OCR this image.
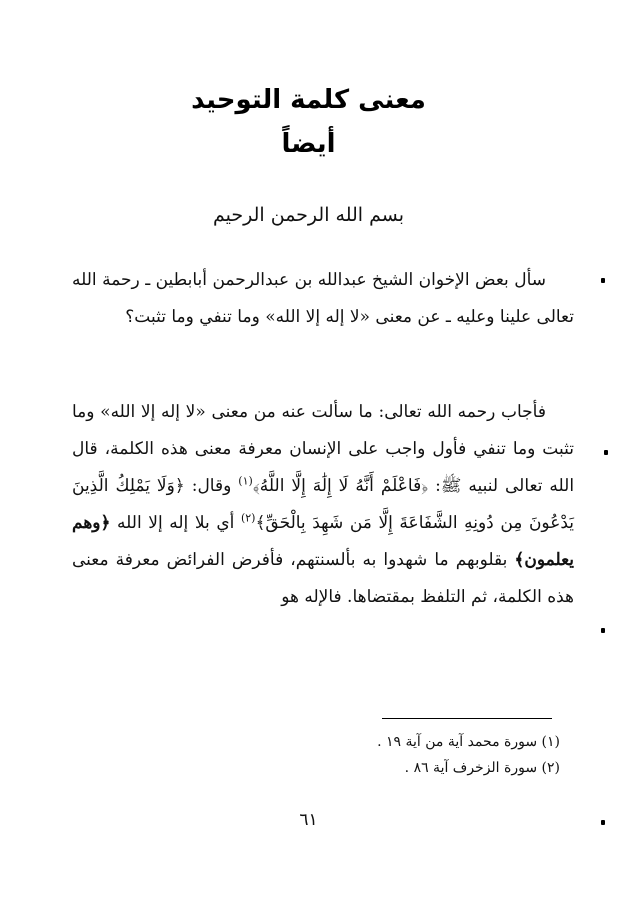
معنى كلمة التوحيد
أيضاً
بسم الله الرحمن الرحيم

سأل بعض الإخوان الشيخ عبدالله بن عبدالرحمن أبابطين ـ رحمة الله تعالى علينا وعليه ـ عن معنى «لا إله إلا الله» وما تنفي وما تثبت؟

فأجاب رحمه الله تعالى: ما سألت عنه من معنى «لا إله إلا الله» وما تثبت وما تنفي فأول واجب على الإنسان معرفة معنى هذه الكلمة، قال الله تعالى لنبيه ﷺ: ﴿فَاعْلَمْ أَنَّهُ لَا إِلَٰهَ إِلَّا اللَّهُ﴾$^{(١)}$ وقال: ﴿وَلَا يَمْلِكُ الَّذِينَ يَدْعُونَ مِن دُونِهِ الشَّفَاعَةَ إِلَّا مَن شَهِدَ بِالْحَقِّ﴾$^{(٢)}$ أي بلا إله إلا الله ﴿وهم يعلمون﴾ بقلوبهم ما شهدوا به بألسنتهم، فأفرض الفرائض معرفة معنى هذه الكلمة، ثم التلفظ بمقتضاها. فالإله هو

(١) سورة محمد آية من آية ١٩ .
(٢) سورة الزخرف آية ٨٦ .
٦١
